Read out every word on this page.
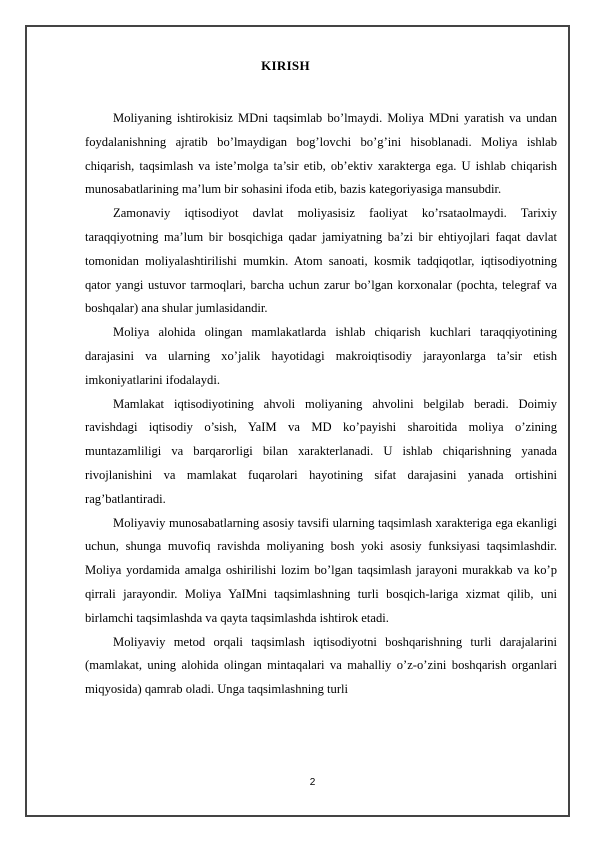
KIRISH

Moliyaning ishtirokisiz MDni taqsimlab bo’lmaydi. Moliya MDni yaratish va undan foydalanishning ajratib bo’lmaydigan bog’lovchi bo’g’ini hisoblanadi. Moliya ishlab chiqarish, taqsimlash va iste’molga ta’sir etib, ob’ektiv xarakterga ega. U ishlab chiqarish munosabatlarining ma’lum bir sohasini ifoda etib, bazis kategoriyasiga mansubdir.

Zamonaviy iqtisodiyot davlat moliyasisiz faoliyat ko’rsataolmaydi. Tarixiy taraqqiyotning ma’lum bir bosqichiga qadar jamiyatning ba’zi bir ehtiyojlari faqat davlat tomonidan moliyalashtirilishi mumkin. Atom sanoati, kosmik tadqiqotlar, iqtisodiyotning qator yangi ustuvor tarmoqlari, barcha uchun zarur bo’lgan korxonalar (pochta, telegraf va boshqalar) ana shular jumlasidandir.

Moliya alohida olingan mamlakatlarda ishlab chiqarish kuchlari taraqqiyotining darajasini va ularning xo’jalik hayotidagi makroiqtisodiy jarayonlarga ta’sir etish imkoniyatlarini ifodalaydi.

Mamlakat iqtisodiyotining ahvoli moliyaning ahvolini belgilab beradi. Doimiy ravishdagi iqtisodiy o’sish, YaIM va MD ko’payishi sharoitida moliya o’zining muntazamliligi va barqarorligi bilan xarakterlanadi. U ishlab chiqarishning yanada rivojlanishini va mamlakat fuqarolari hayotining sifat darajasini yanada ortishini rag’batlantiradi.

Moliyaviy munosabatlarning asosiy tavsifi ularning taqsimlash xarakteriga ega ekanligi uchun, shunga muvofiq ravishda moliyaning bosh yoki asosiy funksiyasi taqsimlashdir. Moliya yordamida amalga oshirilishi lozim bo’lgan taqsimlash jarayoni murakkab va ko’p qirrali jarayondir. Moliya YaIMni taqsimlashning turli bosqich-lariga xizmat qilib, uni birlamchi taqsimlashda va qayta taqsimlashda ishtirok etadi.

Moliyaviy metod orqali taqsimlash iqtisodiyotni boshqarishning turli darajalarini (mamlakat, uning alohida olingan mintaqalari va mahalliy o’z-o’zini boshqarish organlari miqyosida) qamrab oladi. Unga taqsimlashning turli

2
